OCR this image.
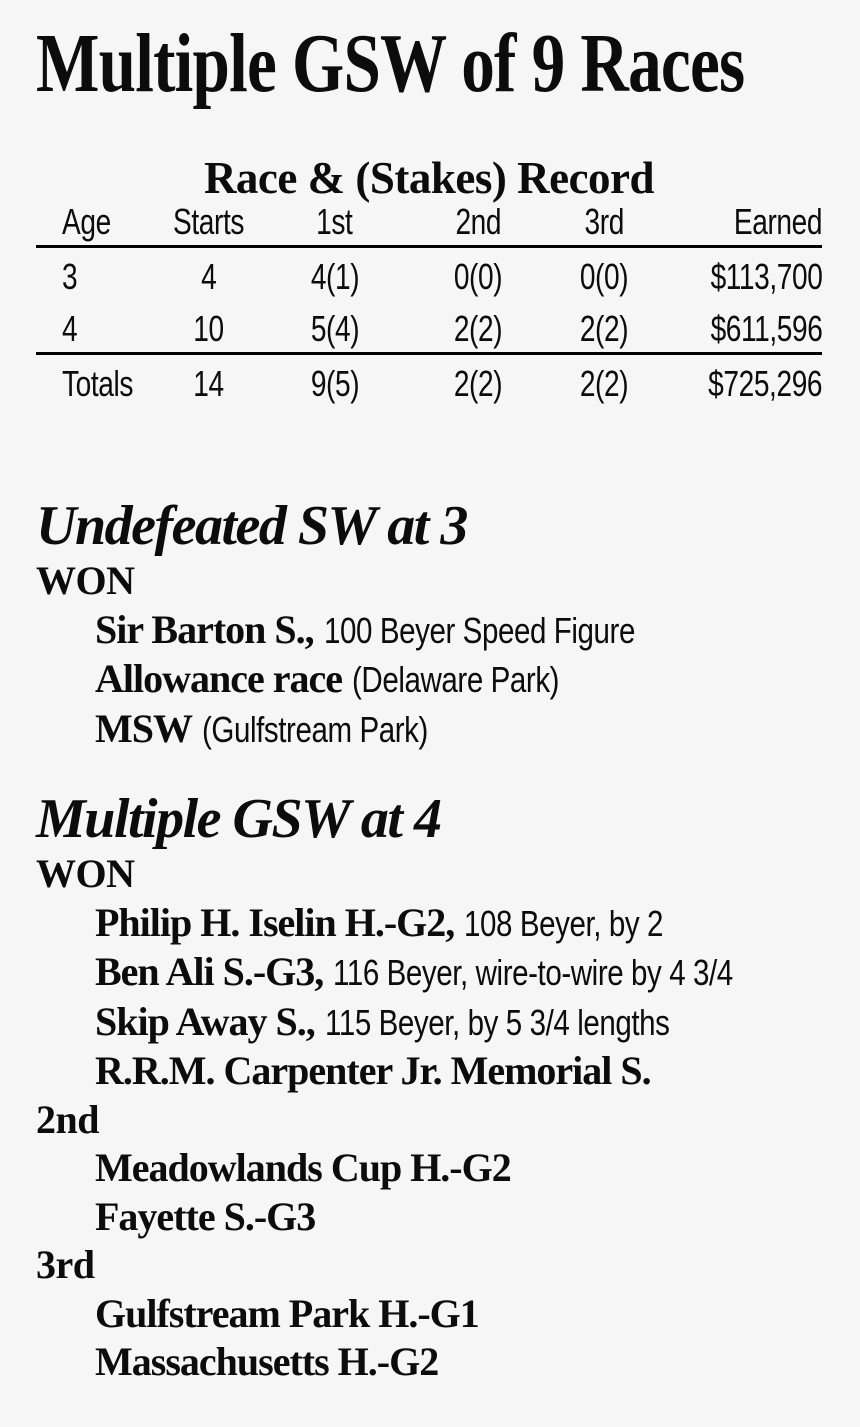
Multiple GSW of 9 Races
Race & (Stakes) Record
Age	Starts	1st	2nd	3rd	Earned
3	4	4(1)	0(0)	0(0)	$113,700
4	10	5(4)	2(2)	2(2)	$611,596
Totals	14	9(5)	2(2)	2(2)	$725,296
Undefeated SW at 3
WON
Sir Barton S., 100 Beyer Speed Figure
Allowance race (Delaware Park)
MSW (Gulfstream Park)
Multiple GSW at 4
WON
Philip H. Iselin H.-G2, 108 Beyer, by 2
Ben Ali S.-G3, 116 Beyer, wire-to-wire by 4 3/4
Skip Away S., 115 Beyer, by 5 3/4 lengths
R.R.M. Carpenter Jr. Memorial S.
2nd
Meadowlands Cup H.-G2
Fayette S.-G3
3rd
Gulfstream Park H.-G1
Massachusetts H.-G2
